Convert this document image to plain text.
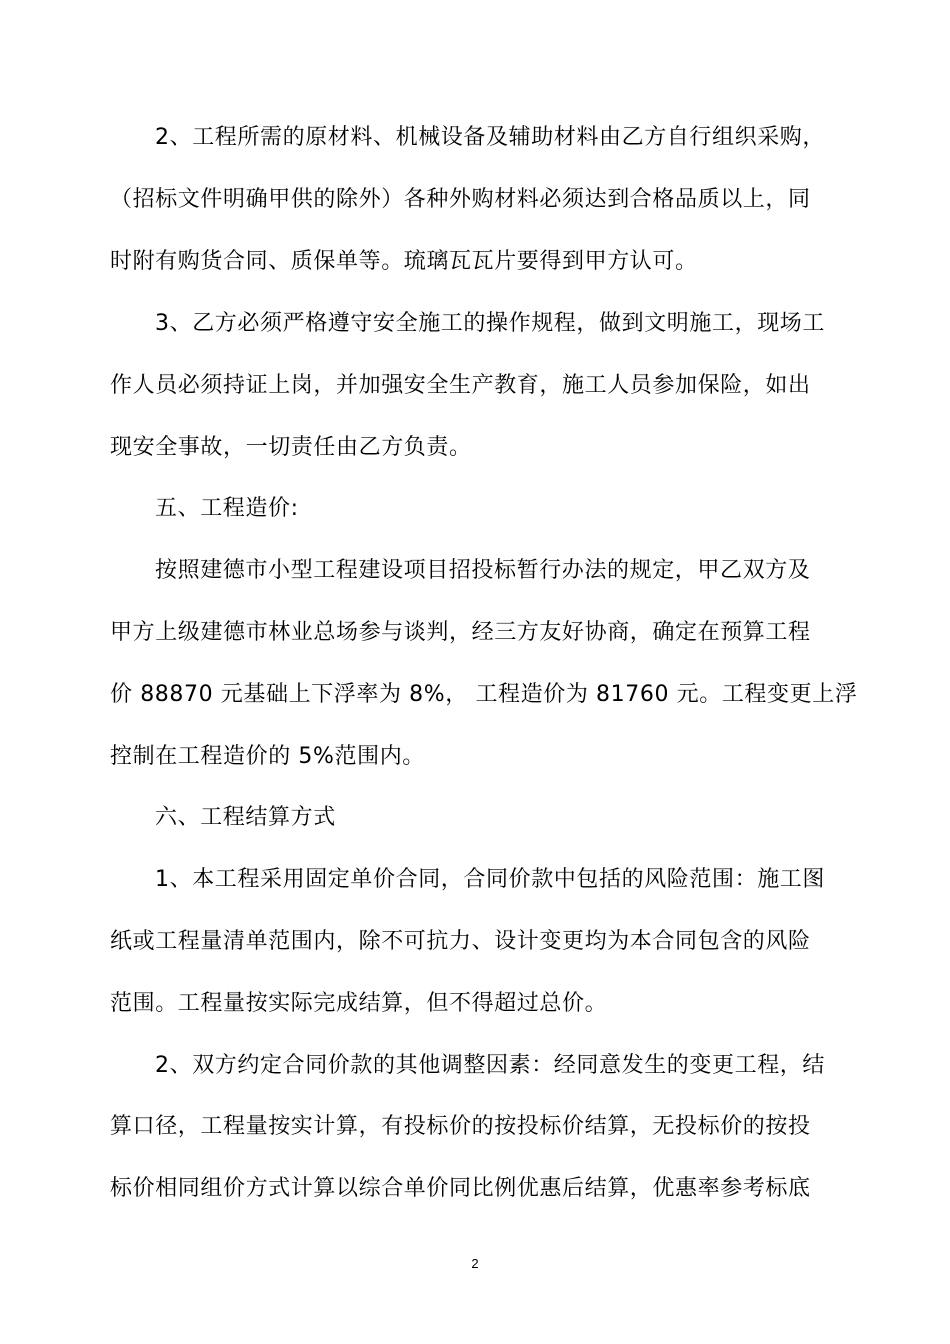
2、工程所需的原材料、机械设备及辅助材料由乙方自行组织采购，
（招标文件明确甲供的除外）各种外购材料必须达到合格品质以上，同
时附有购货合同、质保单等。琉璃瓦瓦片要得到甲方认可。
3、乙方必须严格遵守安全施工的操作规程，做到文明施工，现场工
作人员必须持证上岗，并加强安全生产教育，施工人员参加保险，如出
现安全事故，一切责任由乙方负责。
五、工程造价:
按照建德市小型工程建设项目招投标暂行办法的规定，甲乙双方及
甲方上级建德市林业总场参与谈判，经三方友好协商，确定在预算工程
价 88870 元基础上下浮率为 8%， 工程造价为 81760 元。工程变更上浮
控制在工程造价的 5%范围内。
六、工程结算方式
1、本工程采用固定单价合同，合同价款中包括的风险范围：施工图
纸或工程量清单范围内，除不可抗力、设计变更均为本合同包含的风险
范围。工程量按实际完成结算，但不得超过总价。
2、双方约定合同价款的其他调整因素：经同意发生的变更工程，结
算口径，工程量按实计算，有投标价的按投标价结算，无投标价的按投
标价相同组价方式计算以综合单价同比例优惠后结算，优惠率参考标底
2
